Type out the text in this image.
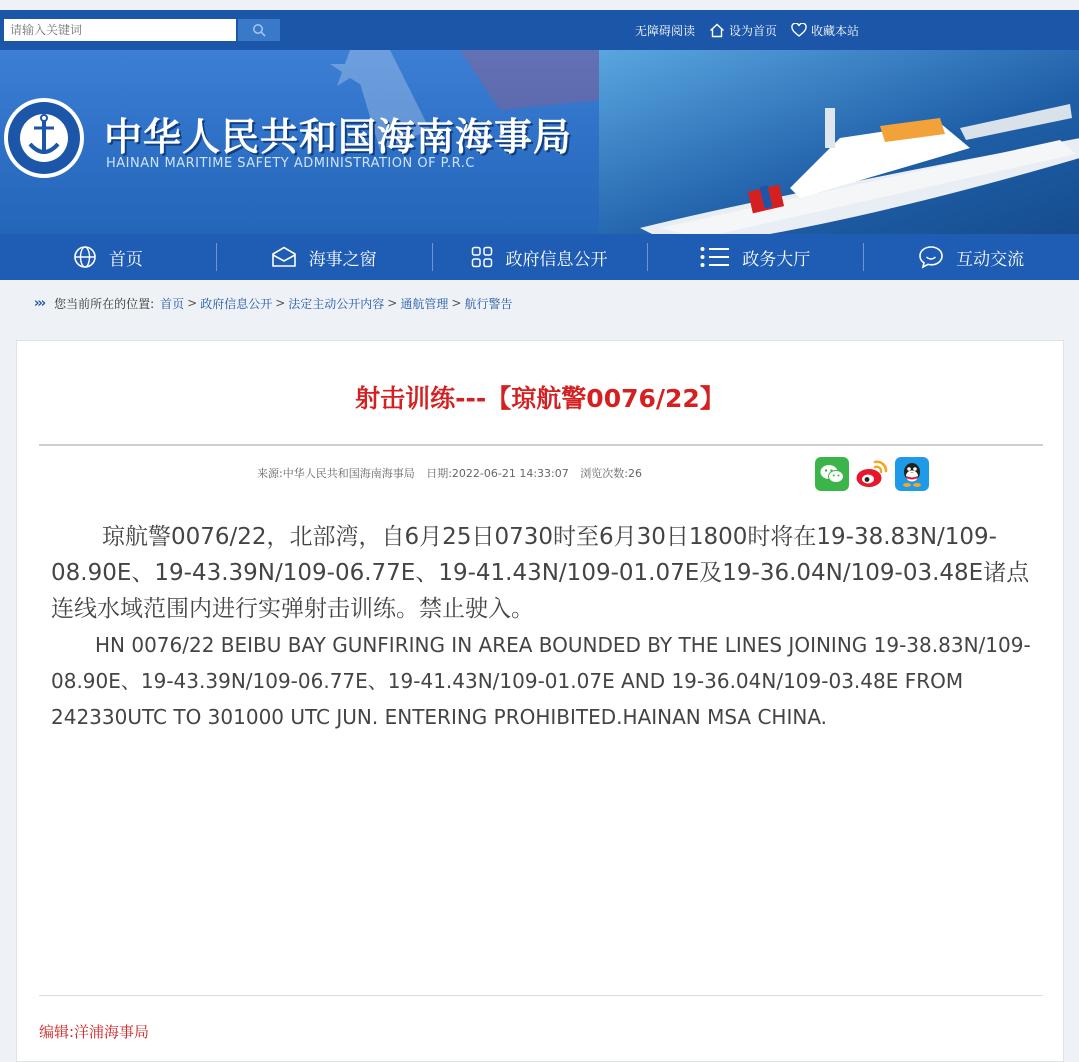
请输入关键词
无障碍阅读	设为首页	收藏本站
中华人民共和国海南海事局
HAINAN MARITIME SAFETY ADMINISTRATION OF P.R.C
首页	海事之窗	政府信息公开	政务大厅	互动交流
››› 您当前所在的位置: 首页 > 政府信息公开 > 法定主动公开内容 > 通航管理 > 航行警告
射击训练---【琼航警0076/22】
来源:中华人民共和国海南海事局 日期:2022-06-21 14:33:07 浏览次数:26

琼航警0076/22，北部湾，自6月25日0730时至6月30日1800时将在19-38.83N/109-08.90E、19-43.39N/109-06.77E、19-41.43N/109-01.07E及19-36.04N/109-03.48E诸点连线水域范围内进行实弹射击训练。禁止驶入。

HN 0076/22 BEIBU BAY GUNFIRING IN AREA BOUNDED BY THE LINES JOINING 19-38.83N/109-08.90E、19-43.39N/109-06.77E、19-41.43N/109-01.07E AND 19-36.04N/109-03.48E FROM 242330UTC TO 301000 UTC JUN. ENTERING PROHIBITED.HAINAN MSA CHINA.

编辑:洋浦海事局
